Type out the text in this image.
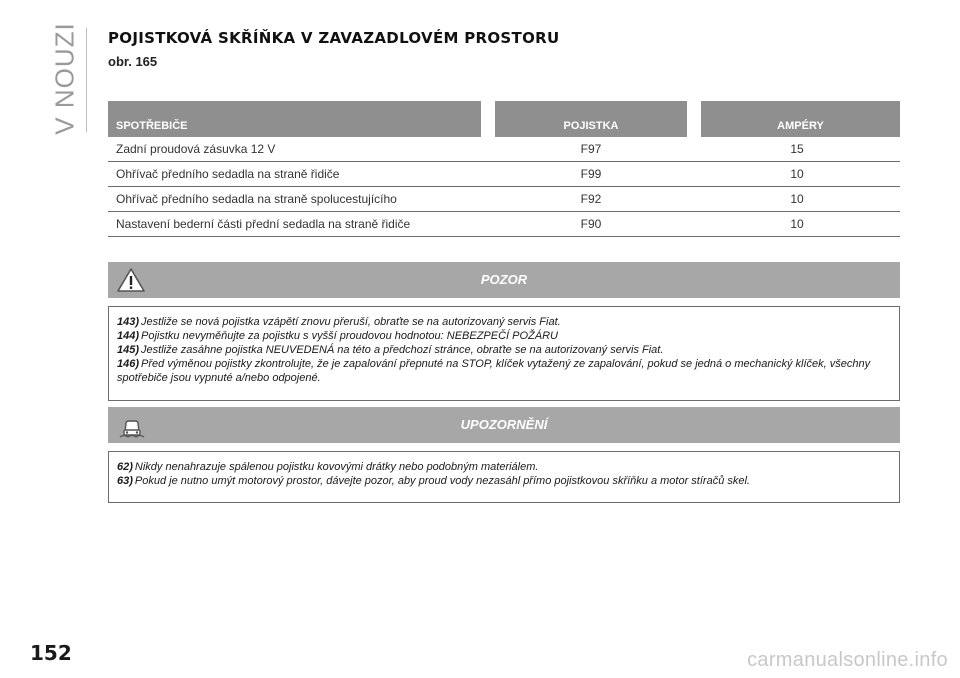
V NOUZI POJISTKOVÁ SKŘÍŇKA V ZAVAZADLOVÉM PROSTORU
obr. 165
SPOTŘEBIČE	POJISTKA	AMPÉRY
Zadní proudová zásuvka 12 V	F97	15
Ohřívač předního sedadla na straně řidiče	F99	10
Ohřívač předního sedadla na straně spolucestujícího	F92	10
Nastavení bederní části přední sedadla na straně řidiče	F90	10
POZOR

143) Jestliže se nová pojistka vzápětí znovu přeruší, obraťte se na autorizovaný servis Fiat.

144) Pojistku nevyměňujte za pojistku s vyšší proudovou hodnotou: NEBEZPEČÍ POŽÁRU

145) Jestliže zasáhne pojistka NEUVEDENÁ na této a předchozí stránce, obraťte se na autorizovaný servis Fiat.

146) Před výměnou pojistky zkontrolujte, že je zapalování přepnuté na STOP, klíček vytažený ze zapalování, pokud se jedná o mechanický klíček, všechny spotřebiče jsou vypnuté a/nebo odpojené.

UPOZORNĚNÍ

62) Nikdy nenahrazuje spálenou pojistku kovovými drátky nebo podobným materiálem.

63) Pokud je nutno umýt motorový prostor, dávejte pozor, aby proud vody nezasáhl přímo pojistkovou skříňku a motor stíračů skel.

152	carmanualsonline.info
